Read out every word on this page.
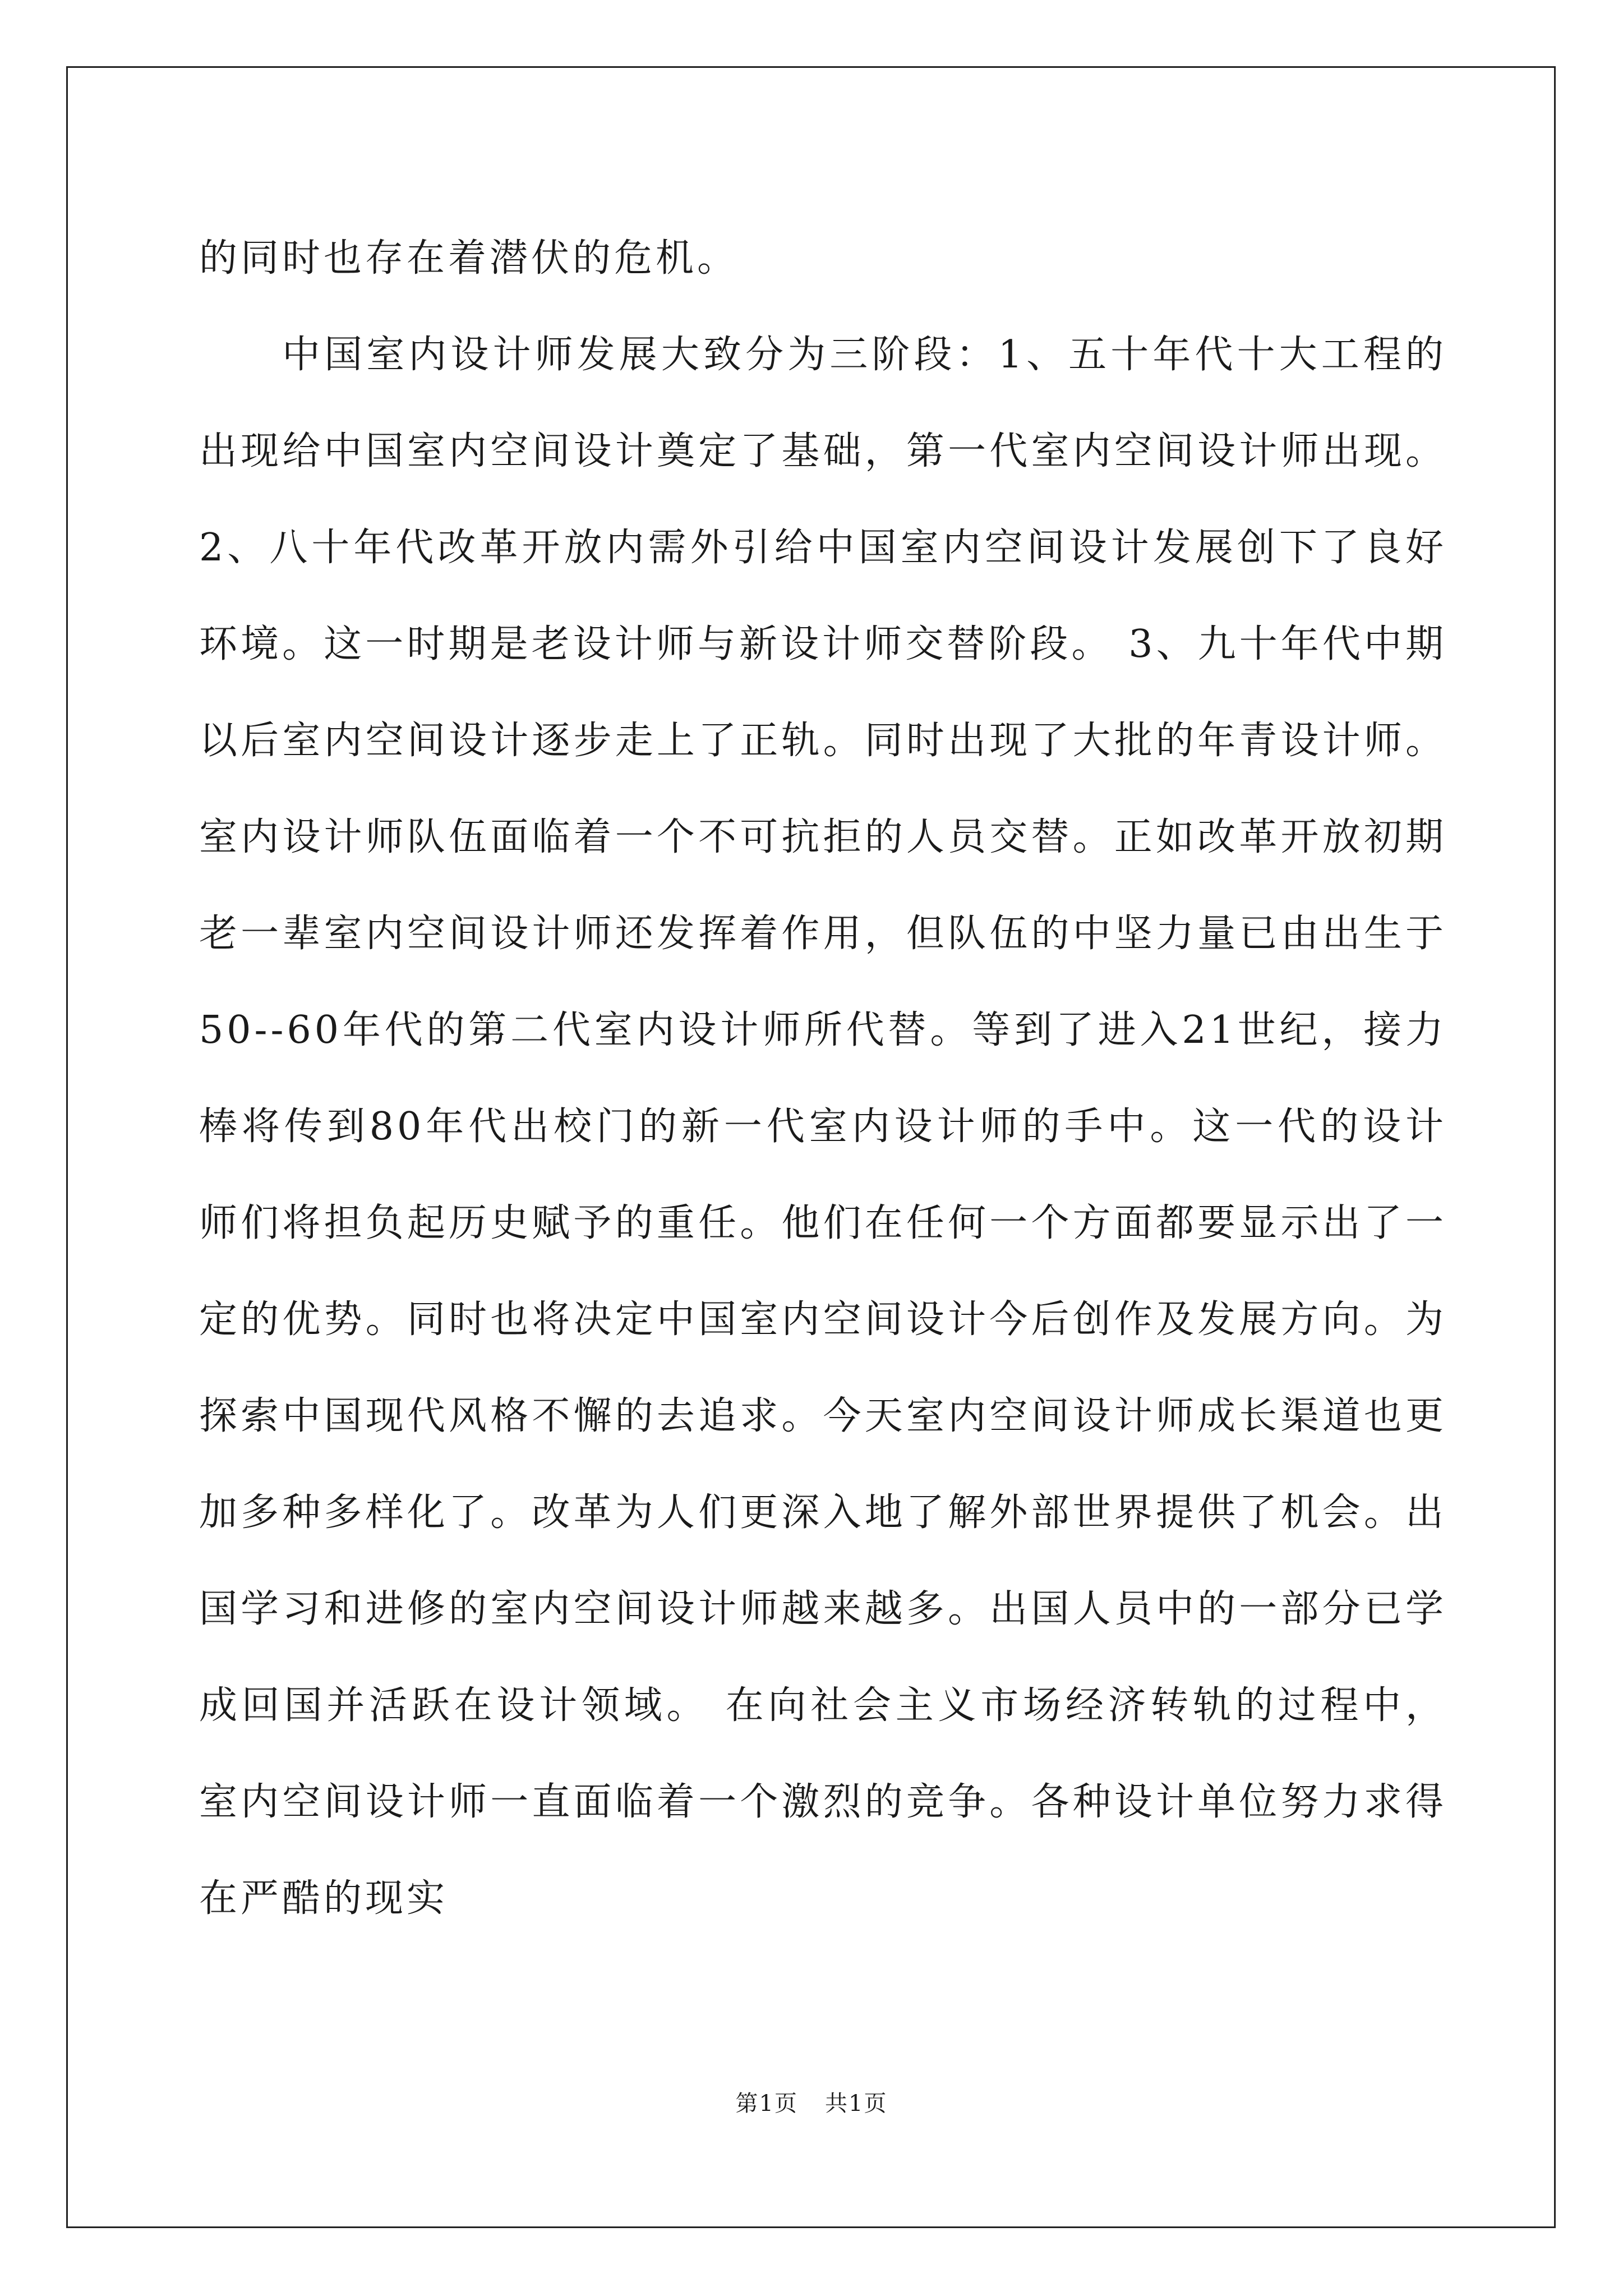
的同时也存在着潜伏的危机。

中国室内设计师发展大致分为三阶段：1、五十年代十大工程的出现给中国室内空间设计奠定了基础，第一代室内空间设计师出现。2、八十年代改革开放内需外引给中国室内空间设计发展创下了良好环境。这一时期是老设计师与新设计师交替阶段。 3、九十年代中期以后室内空间设计逐步走上了正轨。同时出现了大批的年青设计师。 室内设计师队伍面临着一个不可抗拒的人员交替。正如改革开放初期老一辈室内空间设计师还发挥着作用，但队伍的中坚力量已由出生于50--60年代的第二代室内设计师所代替。等到了进入21世纪，接力棒将传到80年代出校门的新一代室内设计师的手中。这一代的设计师们将担负起历史赋予的重任。他们在任何一个方面都要显示出了一定的优势。同时也将决定中国室内空间设计今后创作及发展方向。为探索中国现代风格不懈的去追求。今天室内空间设计师成长渠道也更加多种多样化了。改革为人们更深入地了解外部世界提供了机会。出国学习和进修的室内空间设计师越来越多。出国人员中的一部分已学成回国并活跃在设计领域。 在向社会主义市场经济转轨的过程中，室内空间设计师一直面临着一个激烈的竞争。各种设计单位努力求得在严酷的现实

第1页 共1页
